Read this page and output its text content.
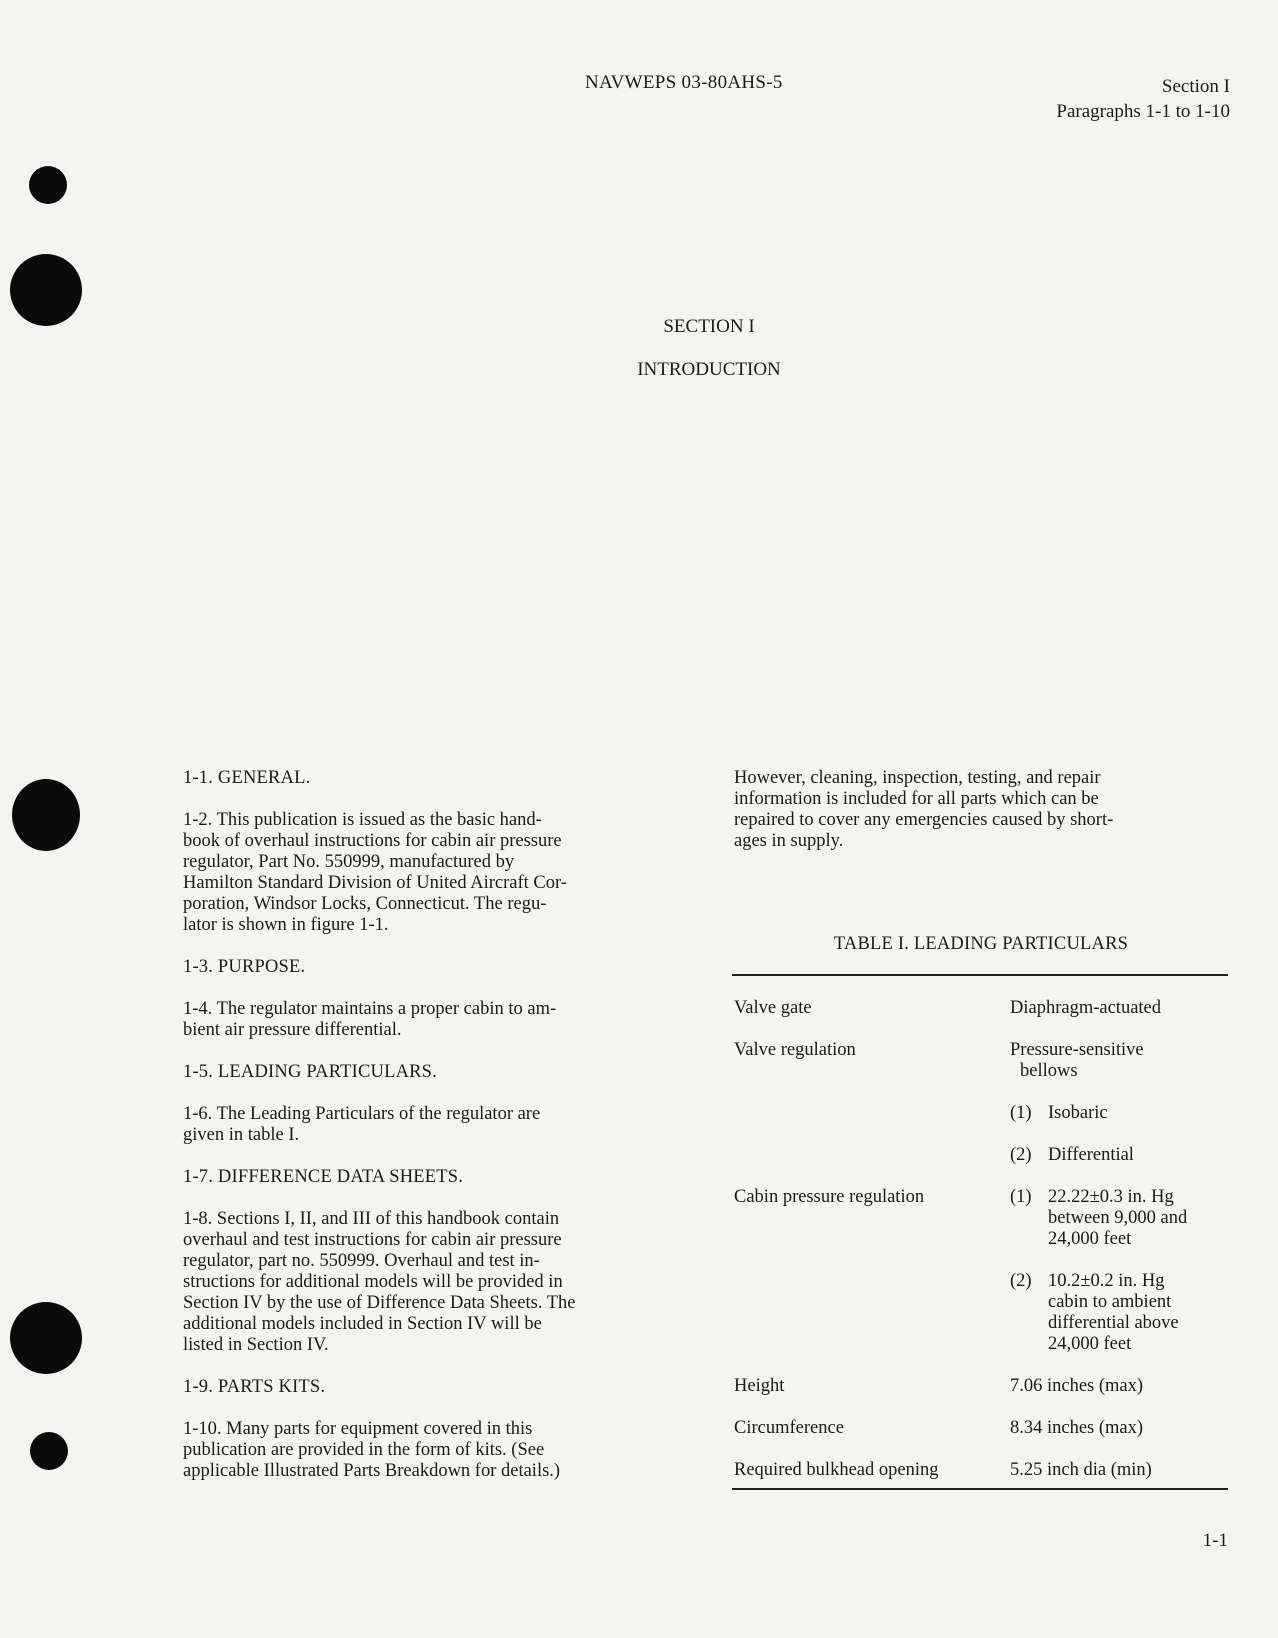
NAVWEPS 03-80AHS-5	Section I
Paragraphs 1-1 to 1-10
SECTION I
INTRODUCTION
1-1. GENERAL.
1-2. This publication is issued as the basic hand-
book of overhaul instructions for cabin air pressure
regulator, Part No. 550999, manufactured by
Hamilton Standard Division of United Aircraft Cor-
poration, Windsor Locks, Connecticut. The regu-
lator is shown in figure 1-1.
1-3. PURPOSE.
1-4. The regulator maintains a proper cabin to am-
bient air pressure differential.
1-5. LEADING PARTICULARS.
1-6. The Leading Particulars of the regulator are
given in table I.
1-7. DIFFERENCE DATA SHEETS.
1-8. Sections I, II, and III of this handbook contain
overhaul and test instructions for cabin air pressure
regulator, part no. 550999. Overhaul and test in-
structions for additional models will be provided in
Section IV by the use of Difference Data Sheets. The
additional models included in Section IV will be
listed in Section IV.
1-9. PARTS KITS.
1-10. Many parts for equipment covered in this
publication are provided in the form of kits. (See
applicable Illustrated Parts Breakdown for details.)
However, cleaning, inspection, testing, and repair
information is included for all parts which can be
repaired to cover any emergencies caused by short-
ages in supply.
TABLE I. LEADING PARTICULARS
Valve gate	Diaphragm-actuated
Valve regulation	Pressure-sensitive
bellows
(1) Isobaric
(2) Differential
Cabin pressure regulation	(1) 22.22±0.3 in. Hg
between 9,000 and
24,000 feet
(2) 10.2±0.2 in. Hg
cabin to ambient
differential above
24,000 feet
Height	7.06 inches (max)
Circumference	8.34 inches (max)
Required bulkhead opening	5.25 inch dia (min)
1-1
